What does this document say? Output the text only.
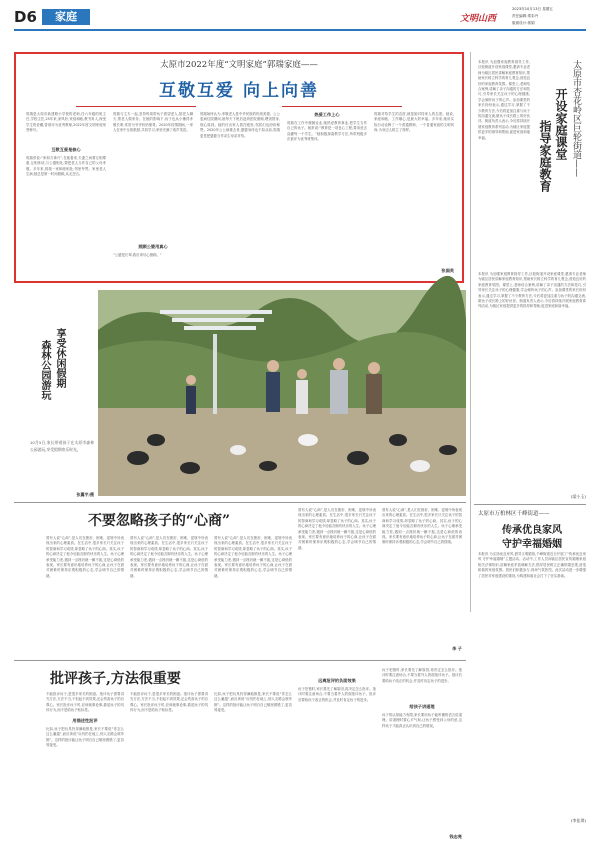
D6	家庭	文明山西
2023年10月13日 星期五
责任编辑:郑彩丹
版面设计:郭娟
太原市2022年度“文明家庭”郭瑞家庭——
互敬互爱 向上向善
郭瑞是太原市新建路小学校的老师,任六年级的班主任,学校主任,25年来,家风好,家庭和睦,教书育人,深受学生的爱戴,曾被评为优秀教师,2022年度文明家庭荣誉称号。
互敬互爱是核心
郭瑞常说:“家和万事兴”,在她看来,夫妻之间要互相尊重,互相体谅,与公婆相处,要把老人当作自己的父母孝敬。多年来,郭瑞一家和睦相处,邻里夸赞。家里老人生病,她总是第一时间照顾,从无怨言。
郭瑞与丈夫一起,坚持每周带孩子看望老人,陪老人聊天,帮老人做家务。在她的影响下,孩子也从小懂得孝敬长辈,常常为爷爷奶奶捶背。2020年疫情期间,一家人在家中互相鼓励,共同学习,家里充满了欢声笑语。
照顾公婆用真心
“公婆是长辈,我应该尽心照顾。”
郭瑞始终认为,孝敬老人是中华民族的传统美德。公公患病住院期间,她每天下班后赶到医院照顾,喂饭擦身,细心周到。她的付出家人看在眼里,邻居们也纷纷称赞。2020年公公病重去世,婆婆身体也不如从前,郭瑞更是把婆婆当作亲生母亲对待。
热爱工作上心
郭瑞在工作中兢兢业业,她热爱教育事业,把学生当作自己的孩子。她常说:“教育是一项良心工程,要用爱去浇灌每一个学生。”她积极探索教学方法,所带班级多次被评为优秀班集体。
郭瑞对待学生的态度,就是她对待家人的态度。她说,家庭和睦、工作顺心,是最大的幸福。多年来,她用实际行动诠释了一个普通教师、一个普通家庭的文明风尚,为身边人树立了榜样。
张国英
太原市杏花岭区巨轮街道——
开设家庭课堂
指导家庭教育
本报讯 为加强家庭教育指导工作,巨轮街道开设家庭课堂,邀请专业老师为辖区居民讲解家庭教育知识,帮助家长树立科学的育儿观念,营造良好的家庭教育氛围。课堂上,老师结合案例,讲解了亲子沟通的方法和技巧,引导家长关注孩子的心理健康,学会倾听孩子的心声。参加课堂的家长纷纷表示,通过学习,掌握了不少教育方法,今后将更加注重与孩子的沟通交流,做孩子成长路上的好伙伴。街道负责人表示,今后将持续开展家庭教育系列活动,为辖区家庭提供更多的指导和帮助,促进家庭和谐幸福。
本报讯 为加强家庭教育指导工作,巨轮街道开设家庭课堂,邀请专业老师为辖区居民讲解家庭教育知识,帮助家长树立科学的育儿观念,营造良好的家庭教育氛围。课堂上,老师结合案例,讲解了亲子沟通的方法和技巧,引导家长关注孩子的心理健康,学会倾听孩子的心声。参加课堂的家长纷纷表示,通过学习,掌握了不少教育方法,今后将更加注重与孩子的沟通交流,做孩子成长路上的好伙伴。街道负责人表示,今后将持续开展家庭教育系列活动,为辖区家庭提供更多的指导和帮助,促进家庭和谐幸福。
(梁小玉)
太原市万柏林区千峰街道——
传承优良家风
守护幸福婚姻
本报讯 为弘扬优良家风,倡导文明婚俗,千峰街道近日开展了“传承优良家风 守护幸福婚姻”主题活动。活动中,工作人员向辖区居民宣传婚姻家庭相关法律知识,讲解家庭矛盾调解方法,倡导居民树立正确的婚恋观,营造和谐的家庭氛围。居民们积极参与,现场气氛热烈。此次活动进一步增强了居民对家庭建设的重视,为构建和谐社会打下了坚实基础。
(李佳琪)
享受休闲假期
森林公园游玩
10月5日,家长带着孩子在太原市森林公园游玩,享受假期欢乐时光。
张翼宇/摄
不要忽略孩子的“心商”
曾有人说“心商”,是人们在挫折、困难、逆境中所表现出来的心理素质。在生活中,很多家长只关注孩子的智商和学习成绩,却忽略了孩子的心商。其实,孩子的心商决定了他今后能否拥有快乐的人生。孩子心理承受能力差,遇到一点挫折就一蹶不振,这是心商低的表现。家长要有意识地培养孩子的心商,让孩子在面对困难时保持乐观积极的心态,学会调节自己的情绪。
曾有人说“心商”,是人们在挫折、困难、逆境中所表现出来的心理素质。在生活中,很多家长只关注孩子的智商和学习成绩,却忽略了孩子的心商。其实,孩子的心商决定了他今后能否拥有快乐的人生。孩子心理承受能力差,遇到一点挫折就一蹶不振,这是心商低的表现。家长要有意识地培养孩子的心商,让孩子在面对困难时保持乐观积极的心态,学会调节自己的情绪。
曾有人说“心商”,是人们在挫折、困难、逆境中所表现出来的心理素质。在生活中,很多家长只关注孩子的智商和学习成绩,却忽略了孩子的心商。其实,孩子的心商决定了他今后能否拥有快乐的人生。孩子心理承受能力差,遇到一点挫折就一蹶不振,这是心商低的表现。家长要有意识地培养孩子的心商,让孩子在面对困难时保持乐观积极的心态,学会调节自己的情绪。
曾有人说“心商”,是人们在挫折、困难、逆境中所表现出来的心理素质。在生活中,很多家长只关注孩子的智商和学习成绩,却忽略了孩子的心商。其实,孩子的心商决定了他今后能否拥有快乐的人生。孩子心理承受能力差,遇到一点挫折就一蹶不振,这是心商低的表现。家长要有意识地培养孩子的心商,让孩子在面对困难时保持乐观积极的心态,学会调节自己的情绪。
曾有人说“心商”,是人们在挫折、困难、逆境中所表现出来的心理素质。在生活中,很多家长只关注孩子的智商和学习成绩,却忽略了孩子的心商。其实,孩子的心商决定了他今后能否拥有快乐的人生。孩子心理承受能力差,遇到一点挫折就一蹶不振,这是心商低的表现。家长要有意识地培养孩子的心商,让孩子在面对困难时保持乐观积极的心态,学会调节自己的情绪。
李 子
批评孩子,方法很重要
不能批评孩子,是很多家长的困惑。批评孩子需要讲究方法,方法不当,不但起不到效果,还会伤害孩子的自尊心。家长批评孩子时,应该就事论事,描述孩子的具体行为,而不是给孩子贴标签。
用描述性批评
比如,孩子把玩具扔得满地都是,家长不要说“你怎么这么邋遢”,而应该说“玩具扔在地上,别人走路会被绊倒”。这样的批评能让孩子明白自己哪里做错了,更容易接受。
不能批评孩子,是很多家长的困惑。批评孩子需要讲究方法,方法不当,不但起不到效果,还会伤害孩子的自尊心。家长批评孩子时,应该就事论事,描述孩子的具体行为,而不是给孩子贴标签。
比如,孩子把玩具扔得满地都是,家长不要说“你怎么这么邋遢”,而应该说“玩具扔在地上,别人走路会被绊倒”。这样的批评能让孩子明白自己哪里做错了,更容易接受。
远离批评的负面效果
孩子犯错时,家长要先了解原因,再决定怎么批评。批评时要注意场合,不要当着外人的面批评孩子。批评后要给孩子改正的机会,并及时肯定孩子的进步。
孩子犯错时,家长要先了解原因,再决定怎么批评。批评时要注意场合,不要当着外人的面批评孩子。批评后要给孩子改正的机会,并及时肯定孩子的进步。
给孩子讲道理
孩子的认知能力有限,家长要用孩子能听懂的语言讲道理。讲道理时要心平气和,让孩子感受到父母的爱,这样孩子才能真正认识到自己的错误。
钱志亮
